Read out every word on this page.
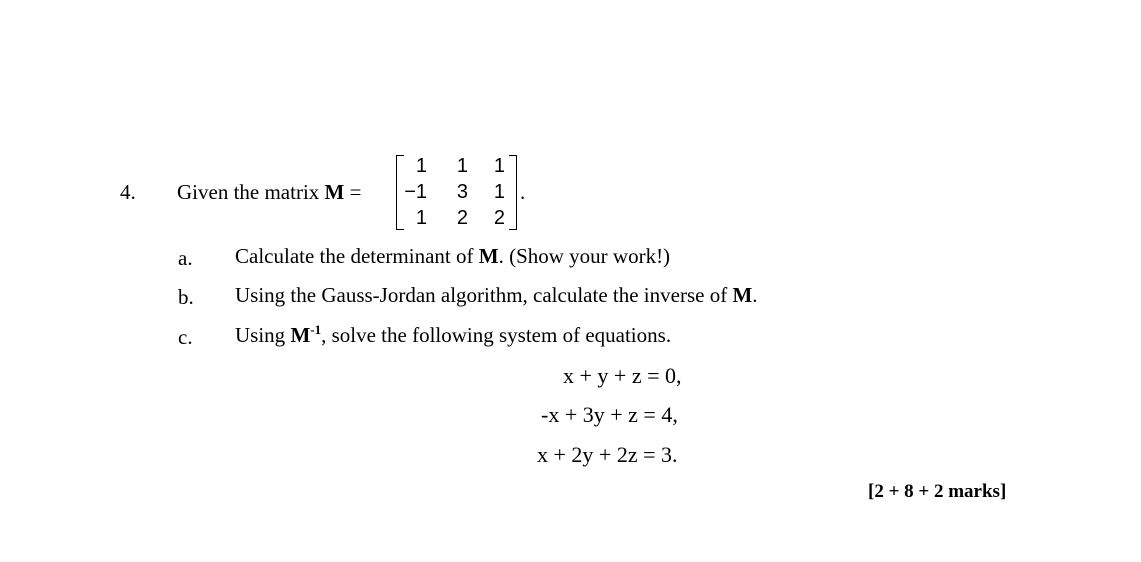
4. Given the matrix M =
1	1	1
−1	3	1
1	2	2
.
a. Calculate the determinant of M. (Show your work!)
b. Using the Gauss-Jordan algorithm, calculate the inverse of M.
c. Using $M^{-1}$, solve the following system of equations.
x + y + z = 0,
-x + 3y + z = 4,
x + 2y + 2z = 3.
[2 + 8 + 2 marks]
